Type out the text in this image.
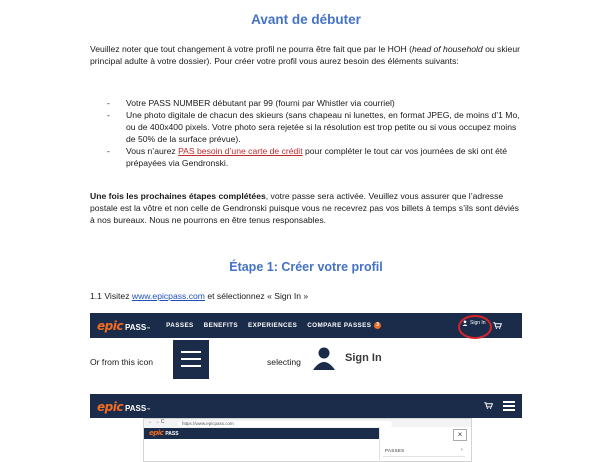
Avant de débuter
Veuillez noter que tout changement à votre profil ne pourra être fait que par le HOH (head of household ou skieur principal adulte à votre dossier). Pour créer votre profil vous aurez besoin des éléments suivants:
- Votre PASS NUMBER débutant par 99 (fourni par Whistler via courriel)
- Une photo digitale de chacun des skieurs (sans chapeau ni lunettes, en format JPEG, de moins d’1 Mo, ou de 400x400 pixels. Votre photo sera rejetée si la résolution est trop petite ou si vous occupez moins de 50% de la surface prévue).
- Vous n’aurez PAS besoin d’une carte de crédit pour compléter le tout car vos journées de ski ont été prépayées via Gendronski.
Une fois les prochaines étapes complétées, votre passe sera activée. Veuillez vous assurer que l’adresse postale est la vôtre et non celle de Gendronski puisque vous ne recevrez pas vos billets à temps s’ils sont déviés à nos bureaux. Nous ne pourrons en être tenus responsables.
Étape 1: Créer votre profil
1.1 Visitez www.epicpass.com et sélectionnez « Sign In »
epic PASS ™	PASSES BENEFITS EXPERIENCES COMPARE PASSES 3	Sign In
Or from this icon	selecting	Sign In
epic PASS ™
← → C	https://www.epicpass.com
epic PASS	×
PASSES	›
